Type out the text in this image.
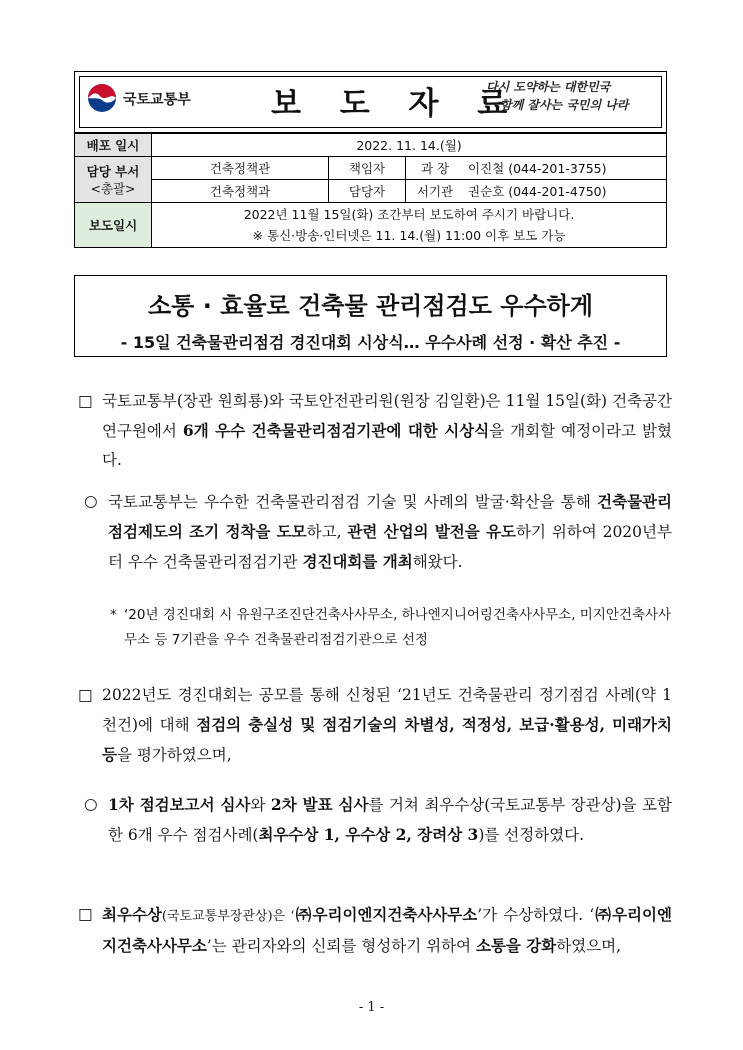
국토교통부	보 도 자 료
다시 도약하는 대한민국
함께 잘사는 국민의 나라
배포 일시	2022. 11. 14.(월)			

담당 부서
<총괄>	건축정책관	책임자	과 장	이진철 (044-201-3755)
	건축정책과	담당자	서기관	권순호 (044-201-4750)
보도일시	2022년 11월 15일(화) 조간부터 보도하여 주시기 바랍니다.
※ 통신·방송·인터넷은 11. 14.(월) 11:00 이후 보도 가능			
소통 · 효율로 건축물 관리점검도 우수하게
- 15일 건축물관리점검 경진대회 시상식… 우수사례 선정 · 확산 추진 -
□ 국토교통부(장관 원희룡)와 국토안전관리원(원장 김일환)은 11월 15일(화) 건축공간연구원에서 6개 우수 건축물관리점검기관에 대한 시상식을 개회할 예정이라고 밝혔다.
○ 국토교통부는 우수한 건축물관리점검 기술 및 사례의 발굴·확산을 통해 건축물관리점검제도의 조기 정착을 도모하고, 관련 산업의 발전을 유도하기 위하여 2020년부터 우수 건축물관리점검기관 경진대회를 개최해왔다.
* ‘20년 경진대회 시 유원구조진단건축사사무소, 하나엔지니어링건축사사무소, 미지안건축사사무소 등 7기관을 우수 건축물관리점검기관으로 선정
□ 2022년도 경진대회는 공모를 통해 신청된 ‘21년도 건축물관리 정기점검 사례(약 1천건)에 대해 점검의 충실성 및 점검기술의 차별성, 적정성, 보급·활용성, 미래가치 등을 평가하였으며,
○ 1차 점검보고서 심사와 2차 발표 심사를 거쳐 최우수상(국토교통부 장관상)을 포함한 6개 우수 점검사례(최우수상 1, 우수상 2, 장려상 3)를 선정하였다.
□ 최우수상(국토교통부장관상)은 ‘㈜우리이엔지건축사사무소’가 수상하였다. ‘㈜우리이엔지건축사사무소’는 관리자와의 신뢰를 형성하기 위하여 소통을 강화하였으며,
- 1 -
